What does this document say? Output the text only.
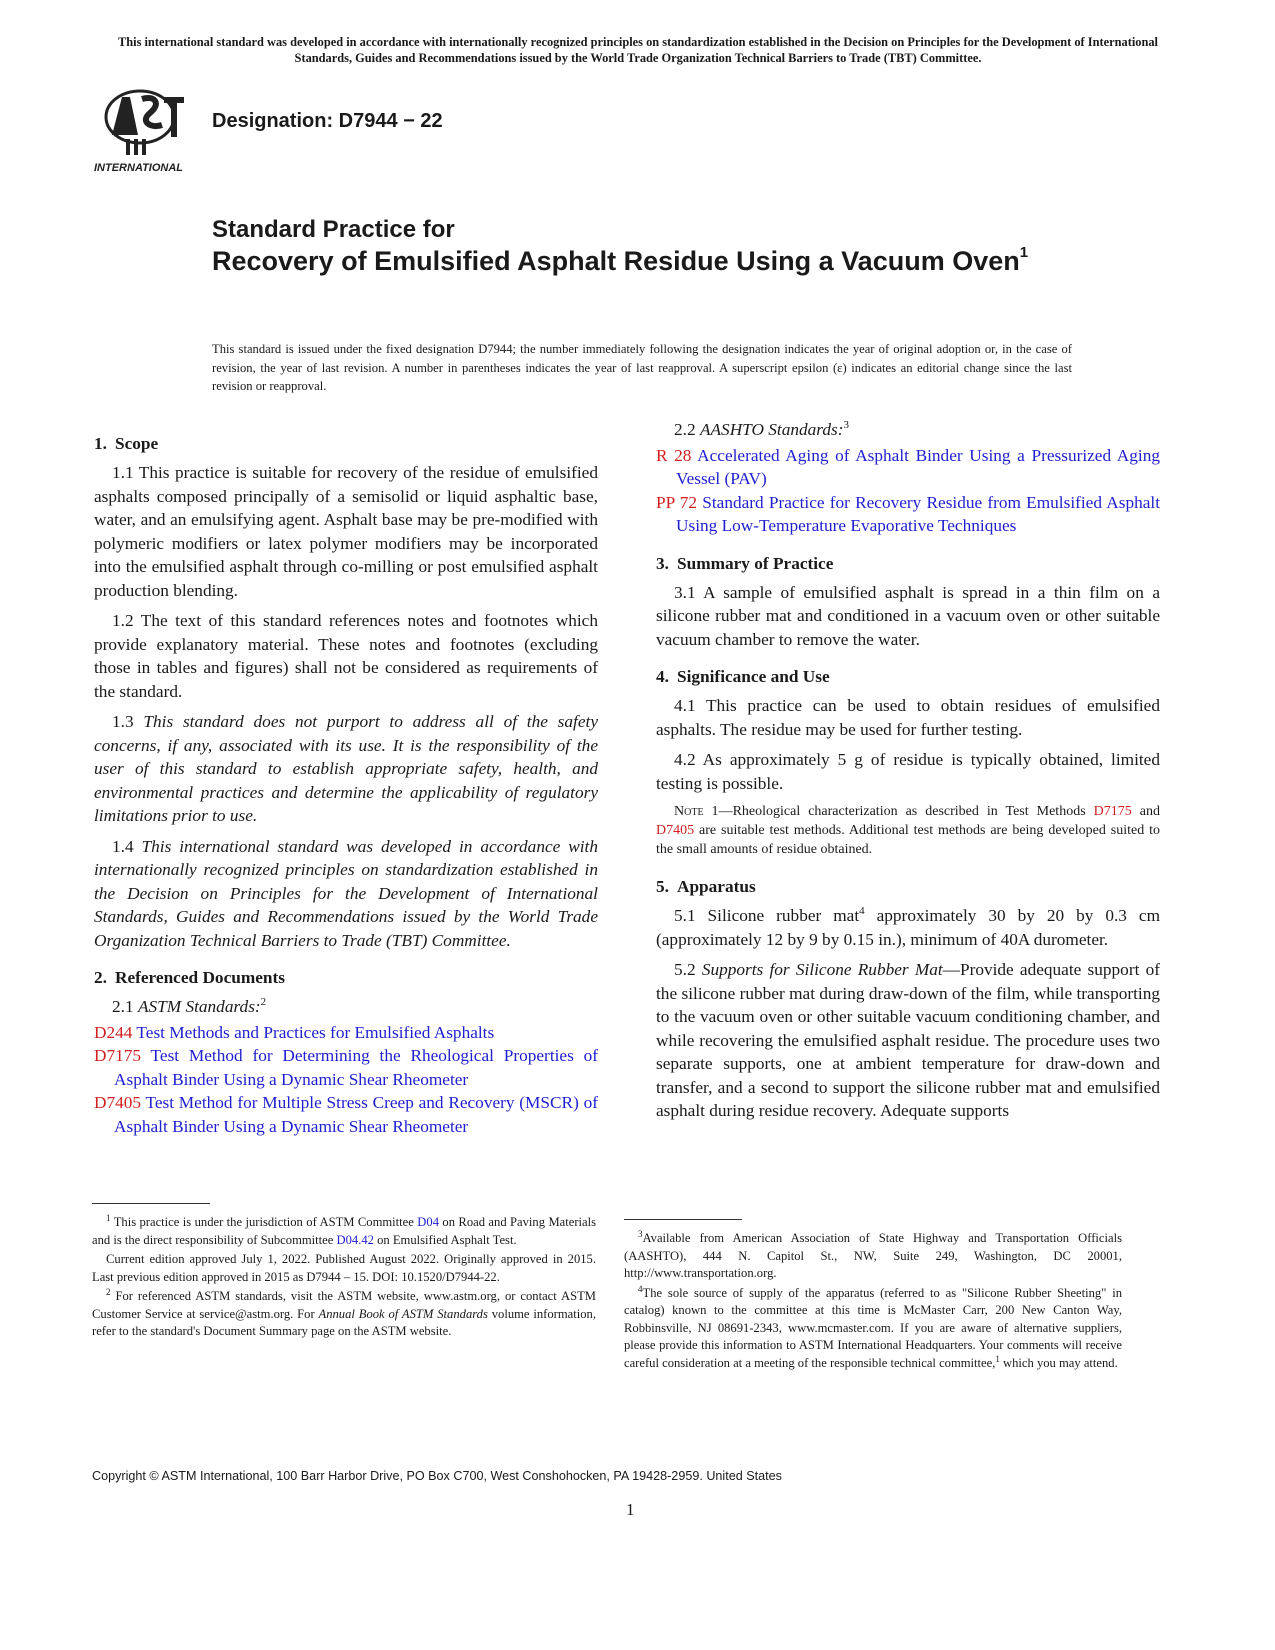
This international standard was developed in accordance with internationally recognized principles on standardization established in the Decision on Principles for the Development of International Standards, Guides and Recommendations issued by the World Trade Organization Technical Barriers to Trade (TBT) Committee.
INTERNATIONAL
Designation: D7944 − 22
Standard Practice for
Recovery of Emulsified Asphalt Residue Using a Vacuum Oven$^1$
This standard is issued under the fixed designation D7944; the number immediately following the designation indicates the year of original adoption or, in the case of revision, the year of last revision. A number in parentheses indicates the year of last reapproval. A superscript epsilon (ε) indicates an editorial change since the last revision or reapproval.
1. Scope

1.1 This practice is suitable for recovery of the residue of emulsified asphalts composed principally of a semisolid or liquid asphaltic base, water, and an emulsifying agent. Asphalt base may be pre-modified with polymeric modifiers or latex polymer modifiers may be incorporated into the emulsified asphalt through co-milling or post emulsified asphalt production blending.

1.2 The text of this standard references notes and footnotes which provide explanatory material. These notes and footnotes (excluding those in tables and figures) shall not be considered as requirements of the standard.

1.3 This standard does not purport to address all of the safety concerns, if any, associated with its use. It is the responsibility of the user of this standard to establish appropriate safety, health, and environmental practices and determine the applicability of regulatory limitations prior to use.

1.4 This international standard was developed in accordance with internationally recognized principles on standardization established in the Decision on Principles for the Development of International Standards, Guides and Recommendations issued by the World Trade Organization Technical Barriers to Trade (TBT) Committee.

2. Referenced Documents

2.1 ASTM Standards:$^2$

D244 Test Methods and Practices for Emulsified Asphalts

D7175 Test Method for Determining the Rheological Properties of Asphalt Binder Using a Dynamic Shear Rheometer

D7405 Test Method for Multiple Stress Creep and Recovery (MSCR) of Asphalt Binder Using a Dynamic Shear Rheometer

2.2 AASHTO Standards:$^3$

R 28 Accelerated Aging of Asphalt Binder Using a Pressurized Aging Vessel (PAV)

PP 72 Standard Practice for Recovery Residue from Emulsified Asphalt Using Low-Temperature Evaporative Techniques

3. Summary of Practice

3.1 A sample of emulsified asphalt is spread in a thin film on a silicone rubber mat and conditioned in a vacuum oven or other suitable vacuum chamber to remove the water.

4. Significance and Use

4.1 This practice can be used to obtain residues of emulsified asphalts. The residue may be used for further testing.

4.2 As approximately 5 g of residue is typically obtained, limited testing is possible.

Note 1—Rheological characterization as described in Test Methods D7175 and D7405 are suitable test methods. Additional test methods are being developed suited to the small amounts of residue obtained.
5. Apparatus

5.1 Silicone rubber mat$^4$ approximately 30 by 20 by 0.3 cm (approximately 12 by 9 by 0.15 in.), minimum of 40A durometer.

5.2 Supports for Silicone Rubber Mat—Provide adequate support of the silicone rubber mat during draw-down of the film, while transporting to the vacuum oven or other suitable vacuum conditioning chamber, and while recovering the emulsified asphalt residue. The procedure uses two separate supports, one at ambient temperature for draw-down and transfer, and a second to support the silicone rubber mat and emulsified asphalt during residue recovery. Adequate supports

$^1$ This practice is under the jurisdiction of ASTM Committee D04 on Road and Paving Materials and is the direct responsibility of Subcommittee D04.42 on Emulsified Asphalt Test.

Current edition approved July 1, 2022. Published August 2022. Originally approved in 2015. Last previous edition approved in 2015 as D7944 – 15. DOI: 10.1520/D7944-22.

$^2$ For referenced ASTM standards, visit the ASTM website, www.astm.org, or contact ASTM Customer Service at service@astm.org. For Annual Book of ASTM Standards volume information, refer to the standard's Document Summary page on the ASTM website.

$^3$Available from American Association of State Highway and Transportation Officials (AASHTO), 444 N. Capitol St., NW, Suite 249, Washington, DC 20001, http://www.transportation.org.

$^4$The sole source of supply of the apparatus (referred to as "Silicone Rubber Sheeting" in catalog) known to the committee at this time is McMaster Carr, 200 New Canton Way, Robbinsville, NJ 08691-2343, www.mcmaster.com. If you are aware of alternative suppliers, please provide this information to ASTM International Headquarters. Your comments will receive careful consideration at a meeting of the responsible technical committee,$^1$ which you may attend.

Copyright © ASTM International, 100 Barr Harbor Drive, PO Box C700, West Conshohocken, PA 19428-2959. United States
1
